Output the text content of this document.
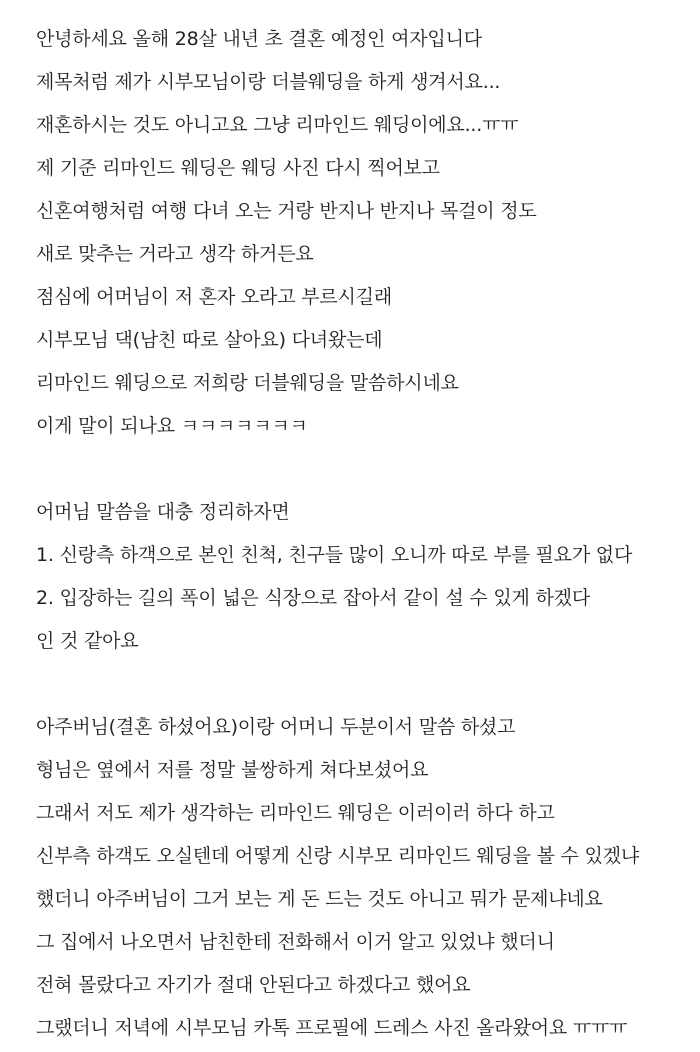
안녕하세요 올해 28살 내년 초 결혼 예정인 여자입니다
제목처럼 제가 시부모님이랑 더블웨딩을 하게 생겨서요...
재혼하시는 것도 아니고요 그냥 리마인드 웨딩이에요...ㅠㅠ
제 기준 리마인드 웨딩은 웨딩 사진 다시 찍어보고
신혼여행처럼 여행 다녀 오는 거랑 반지나 반지나 목걸이 정도
새로 맞추는 거라고 생각 하거든요
점심에 어머님이 저 혼자 오라고 부르시길래
시부모님 댁(남친 따로 살아요) 다녀왔는데
리마인드 웨딩으로 저희랑 더블웨딩을 말씀하시네요
이게 말이 되나요 ㅋㅋㅋㅋㅋㅋㅋ
어머님 말씀을 대충 정리하자면
1. 신랑측 하객으로 본인 친척, 친구들 많이 오니까 따로 부를 필요가 없다
2. 입장하는 길의 폭이 넓은 식장으로 잡아서 같이 설 수 있게 하겠다
인 것 같아요
아주버님(결혼 하셨어요)이랑 어머니 두분이서 말씀 하셨고
형님은 옆에서 저를 정말 불쌍하게 쳐다보셨어요
그래서 저도 제가 생각하는 리마인드 웨딩은 이러이러 하다 하고
신부측 하객도 오실텐데 어떻게 신랑 시부모 리마인드 웨딩을 볼 수 있겠냐
했더니 아주버님이 그거 보는 게 돈 드는 것도 아니고 뭐가 문제냐네요
그 집에서 나오면서 남친한테 전화해서 이거 알고 있었냐 했더니
전혀 몰랐다고 자기가 절대 안된다고 하겠다고 했어요
그랬더니 저녁에 시부모님 카톡 프로필에 드레스 사진 올라왔어요 ㅠㅠㅠ
